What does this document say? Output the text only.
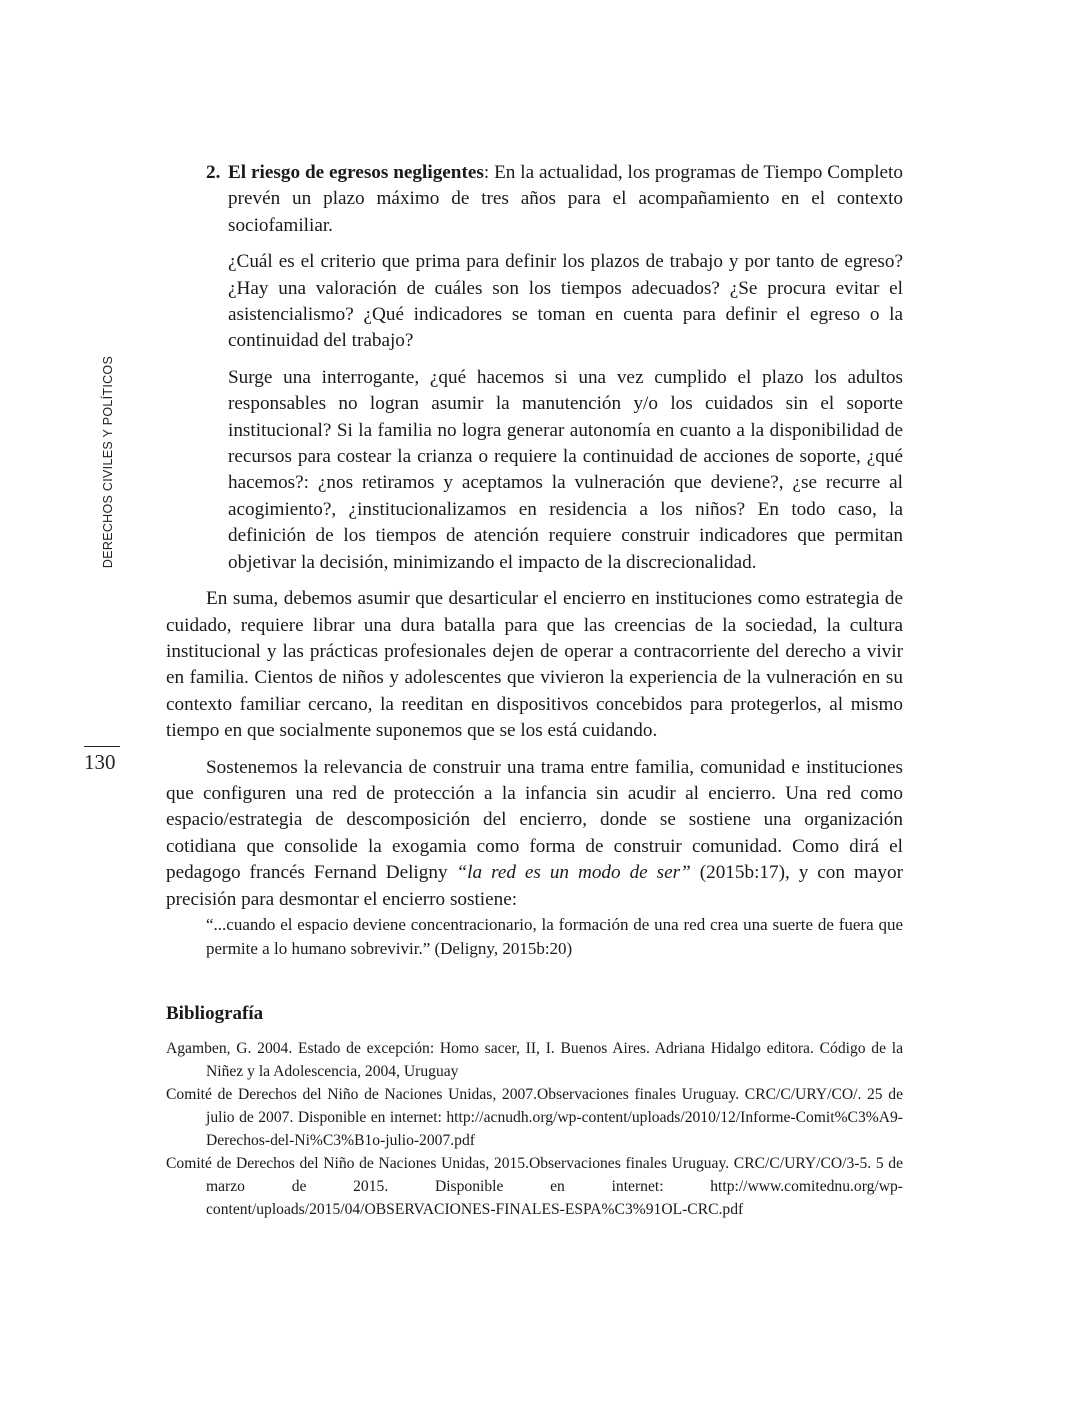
DERECHOS CIVILES Y POLÍTICOS
130
2. El riesgo de egresos negligentes: En la actualidad, los programas de Tiempo Completo prevén un plazo máximo de tres años para el acompañamiento en el contexto sociofamiliar.

¿Cuál es el criterio que prima para definir los plazos de trabajo y por tanto de egreso? ¿Hay una valoración de cuáles son los tiempos adecuados? ¿Se procura evitar el asistencialismo? ¿Qué indicadores se toman en cuenta para definir el egreso o la continuidad del trabajo?

Surge una interrogante, ¿qué hacemos si una vez cumplido el plazo los adultos responsables no logran asumir la manutención y/o los cuidados sin el soporte institucional? Si la familia no logra generar autonomía en cuanto a la disponibilidad de recursos para costear la crianza o requiere la continuidad de acciones de soporte, ¿qué hacemos?: ¿nos retiramos y aceptamos la vulneración que deviene?, ¿se recurre al acogimiento?, ¿institucionalizamos en residencia a los niños? En todo caso, la definición de los tiempos de atención requiere construir indicadores que permitan objetivar la decisión, minimizando el impacto de la discrecionalidad.

En suma, debemos asumir que desarticular el encierro en instituciones como estrategia de cuidado, requiere librar una dura batalla para que las creencias de la sociedad, la cultura institucional y las prácticas profesionales dejen de operar a contracorriente del derecho a vivir en familia. Cientos de niños y adolescentes que vivieron la experiencia de la vulneración en su contexto familiar cercano, la reeditan en dispositivos concebidos para protegerlos, al mismo tiempo en que socialmente suponemos que se los está cuidando.

Sostenemos la relevancia de construir una trama entre familia, comunidad e instituciones que configuren una red de protección a la infancia sin acudir al encierro. Una red como espacio/estrategia de descomposición del encierro, donde se sostiene una organización cotidiana que consolide la exogamia como forma de construir comunidad. Como dirá el pedagogo francés Fernand Deligny “la red es un modo de ser” (2015b:17), y con mayor precisión para desmontar el encierro sostiene:

“...cuando el espacio deviene concentracionario, la formación de una red crea una suerte de fuera que permite a lo humano sobrevivir.” (Deligny, 2015b:20)

Bibliografía

Agamben, G. 2004. Estado de excepción: Homo sacer, II, I. Buenos Aires. Adriana Hidalgo editora. Código de la Niñez y la Adolescencia, 2004, Uruguay

Comité de Derechos del Niño de Naciones Unidas, 2007.Observaciones finales Uruguay. CRC/C/URY/CO/. 25 de julio de 2007. Disponible en internet: http://acnudh.org/wp-content/uploads/2010/12/Informe-Comit%C3%A9-Derechos-del-Ni%C3%B1o-julio-2007.pdf

Comité de Derechos del Niño de Naciones Unidas, 2015.Observaciones finales Uruguay. CRC/C/URY/CO/3-5. 5 de marzo de 2015. Disponible en internet: http://www.comitednu.org/wp-content/uploads/2015/04/OBSERVACIONES-FINALES-ESPA%C3%91OL-CRC.pdf
